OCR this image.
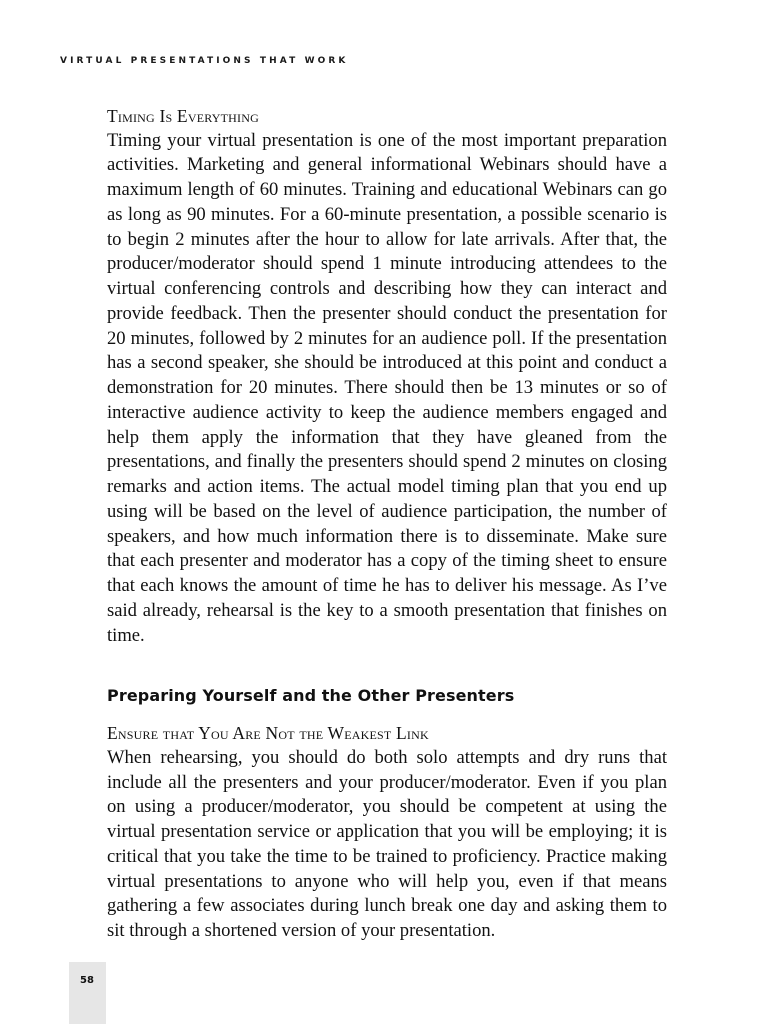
VIRTUAL PRESENTATIONS THAT WORK
Timing Is Everything

Timing your virtual presentation is one of the most important preparation activities. Marketing and general informational Webinars should have a maximum length of 60 minutes. Training and educational Webinars can go as long as 90 minutes. For a 60-minute presentation, a possible scenario is to begin 2 minutes after the hour to allow for late arrivals. After that, the producer/moderator should spend 1 minute introducing attendees to the virtual conferencing controls and describing how they can interact and provide feedback. Then the presenter should conduct the presentation for 20 minutes, followed by 2 minutes for an audience poll. If the presentation has a second speaker, she should be introduced at this point and conduct a demonstration for 20 minutes. There should then be 13 minutes or so of interactive audience activity to keep the audience members engaged and help them apply the information that they have gleaned from the presentations, and finally the presenters should spend 2 minutes on closing remarks and action items. The actual model timing plan that you end up using will be based on the level of audience participation, the number of speakers, and how much information there is to disseminate. Make sure that each presenter and moderator has a copy of the timing sheet to ensure that each knows the amount of time he has to deliver his message. As I’ve said already, rehearsal is the key to a smooth presentation that finishes on time.

Preparing Yourself and the Other Presenters
Ensure that You Are Not the Weakest Link

When rehearsing, you should do both solo attempts and dry runs that include all the presenters and your producer/moderator. Even if you plan on using a producer/moderator, you should be competent at using the virtual presentation service or application that you will be employing; it is critical that you take the time to be trained to proficiency. Practice making virtual presentations to anyone who will help you, even if that means gathering a few associates during lunch break one day and asking them to sit through a shortened version of your presentation.

58
